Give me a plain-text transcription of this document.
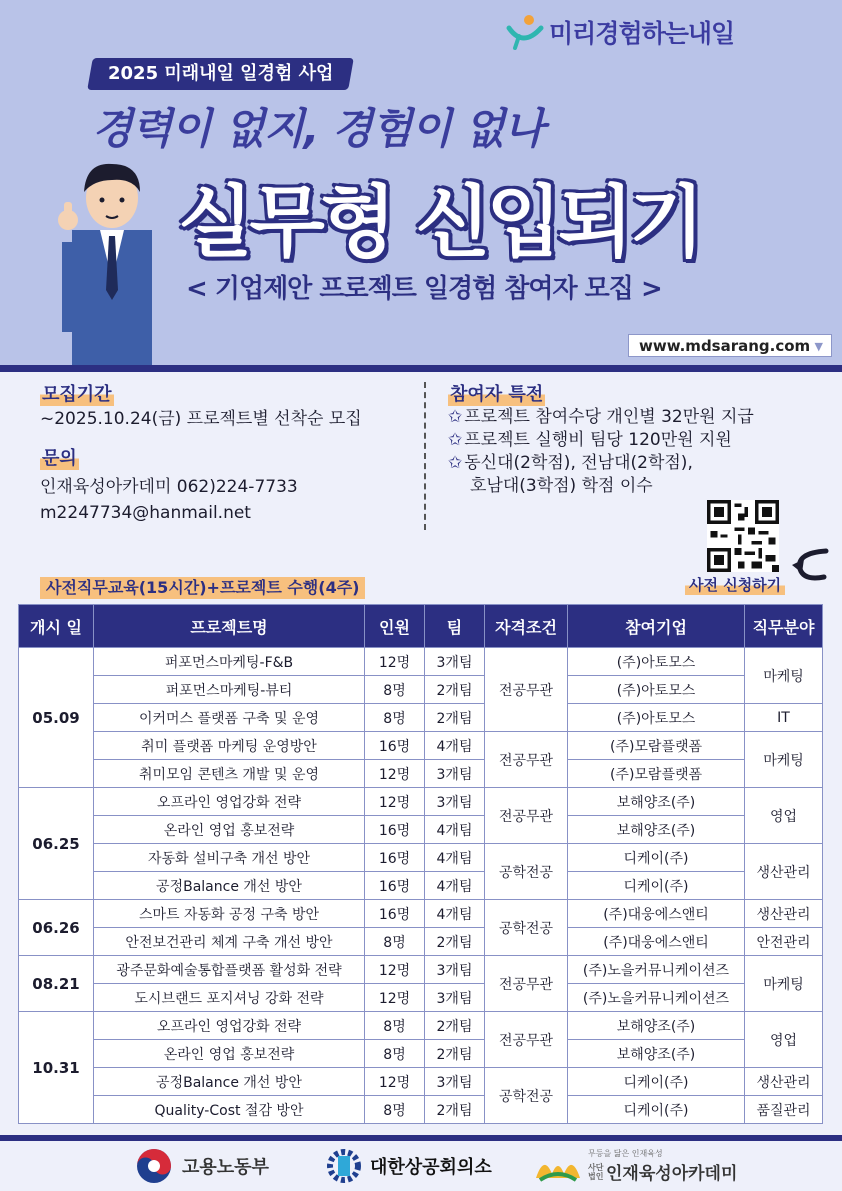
미리경험하는내일
2025 미래내일 일경험 사업
경력이 없지, 경험이 없나
실무형 신입되기
< 기업제안 프로젝트 일경험 참여자 모집 >
www.mdsarang.com ▼
모집기간
~2025.10.24(금) 프로젝트별 선착순 모집
문의
인재육성아카데미 062)224-7733
m2247734@hanmail.net
참여자 특전
✩ 프로젝트 참여수당 개인별 32만원 지급
✩ 프로젝트 실행비 팀당 120만원 지원
✩ 동신대(2학점), 전남대(2학점),
호남대(3학점) 학점 이수
사전 신청하기
사전직무교육(15시간)+프로젝트 수행(4주)
개시 일	프로젝트명	인원	팀	자격조건	참여기업	직무분야
05.09	퍼포먼스마케팅-F&B	12명	3개팀	전공무관	(주)아토모스	마케팅
	퍼포먼스마케팅-뷰티	8명	2개팀		(주)아토모스	
	이커머스 플랫폼 구축 및 운영	8명	2개팀		(주)아토모스	IT
	취미 플랫폼 마케팅 운영방안	16명	4개팀	전공무관	(주)모람플랫폼	마케팅
	취미모임 콘텐츠 개발 및 운영	12명	3개팀		(주)모람플랫폼	
06.25	오프라인 영업강화 전략	12명	3개팀	전공무관	보해양조(주)	영업
	온라인 영업 홍보전략	16명	4개팀		보해양조(주)	
	자동화 설비구축 개선 방안	16명	4개팀	공학전공	디케이(주)	생산관리
	공정Balance 개선 방안	16명	4개팀		디케이(주)	
06.26	스마트 자동화 공정 구축 방안	16명	4개팀	공학전공	(주)대웅에스앤티	생산관리
	안전보건관리 체계 구축 개선 방안	8명	2개팀		(주)대웅에스앤티	안전관리
08.21	광주문화예술통합플랫폼 활성화 전략	12명	3개팀	전공무관	(주)노을커뮤니케이션즈	마케팅
	도시브랜드 포지셔닝 강화 전략	12명	3개팀		(주)노을커뮤니케이션즈	
10.31	오프라인 영업강화 전략	8명	2개팀	전공무관	보해양조(주)	영업
	온라인 영업 홍보전략	8명	2개팀		보해양조(주)	
	공정Balance 개선 방안	12명	3개팀	공학전공	디케이(주)	생산관리
	Quality-Cost 절감 방안	8명	2개팀		디케이(주)	품질관리
고용노동부	대한상공회의소
무등을 닮은 인재육성
사단법인 인재육성아카데미
